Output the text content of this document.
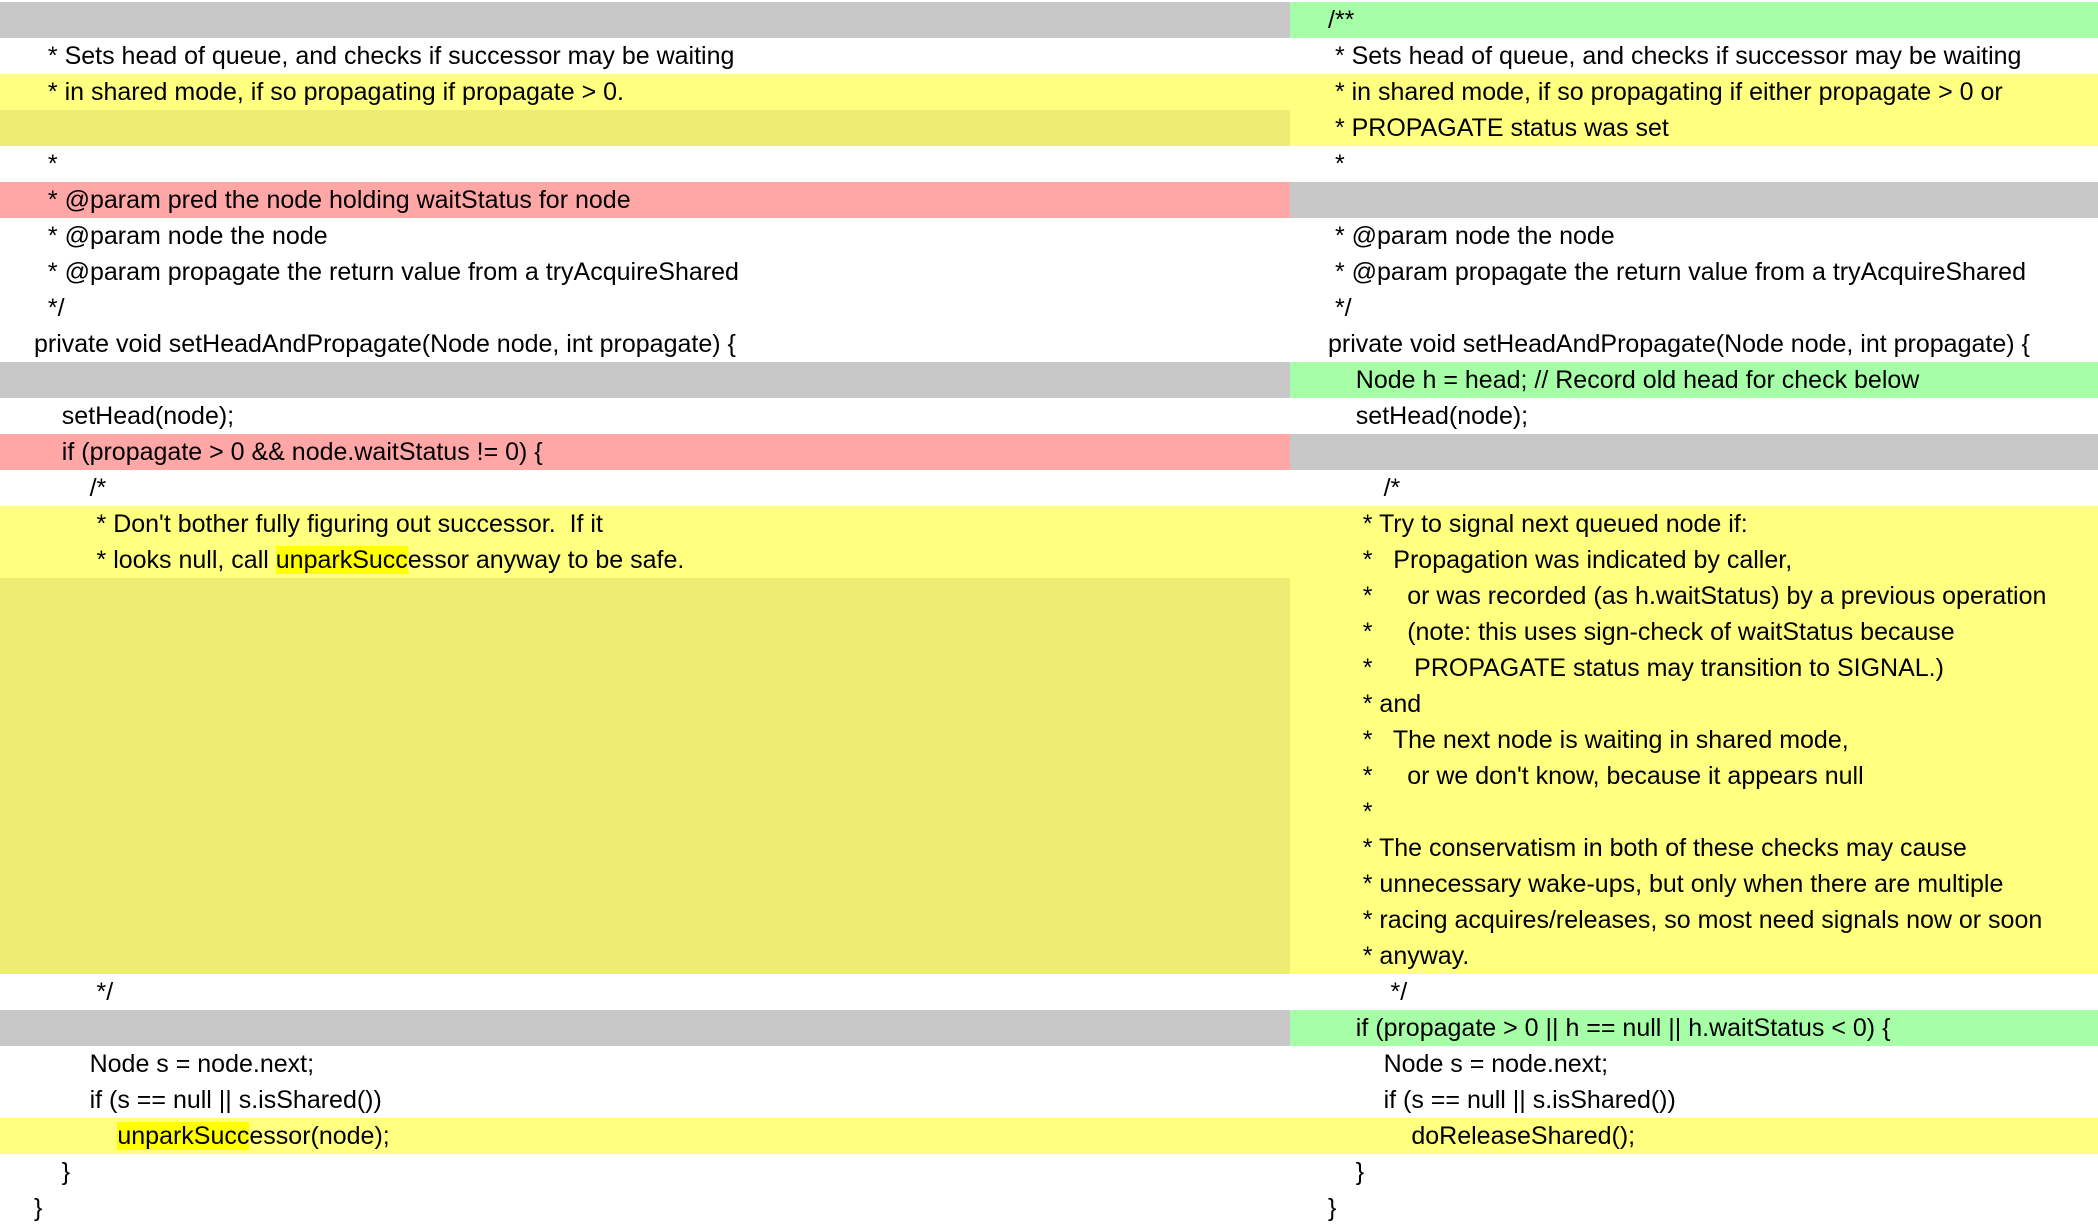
* Sets head of queue, and checks if successor may be waiting
* in shared mode, if so propagating if propagate > 0.
*
* @param pred the node holding waitStatus for node
* @param node the node
* @param propagate the return value from a tryAcquireShared
*/
private void setHeadAndPropagate(Node node, int propagate) {
setHead(node);
if (propagate > 0 && node.waitStatus != 0) {
/*
* Don't bother fully figuring out successor.  If it
* looks null, call unparkSuccessor anyway to be safe.
*/
Node s = node.next;
if (s == null || s.isShared())
unparkSuccessor(node);
}
}
/**
* Sets head of queue, and checks if successor may be waiting
* in shared mode, if so propagating if either propagate > 0 or
* PROPAGATE status was set
*
* @param node the node
* @param propagate the return value from a tryAcquireShared
*/
private void setHeadAndPropagate(Node node, int propagate) {
Node h = head; // Record old head for check below
setHead(node);
/*
* Try to signal next queued node if:
*   Propagation was indicated by caller,
*     or was recorded (as h.waitStatus) by a previous operation
*     (note: this uses sign-check of waitStatus because
*      PROPAGATE status may transition to SIGNAL.)
* and
*   The next node is waiting in shared mode,
*     or we don't know, because it appears null
*
* The conservatism in both of these checks may cause
* unnecessary wake-ups, but only when there are multiple
* racing acquires/releases, so most need signals now or soon
* anyway.
*/
if (propagate > 0 || h == null || h.waitStatus < 0) {
Node s = node.next;
if (s == null || s.isShared())
doReleaseShared();
}
}
